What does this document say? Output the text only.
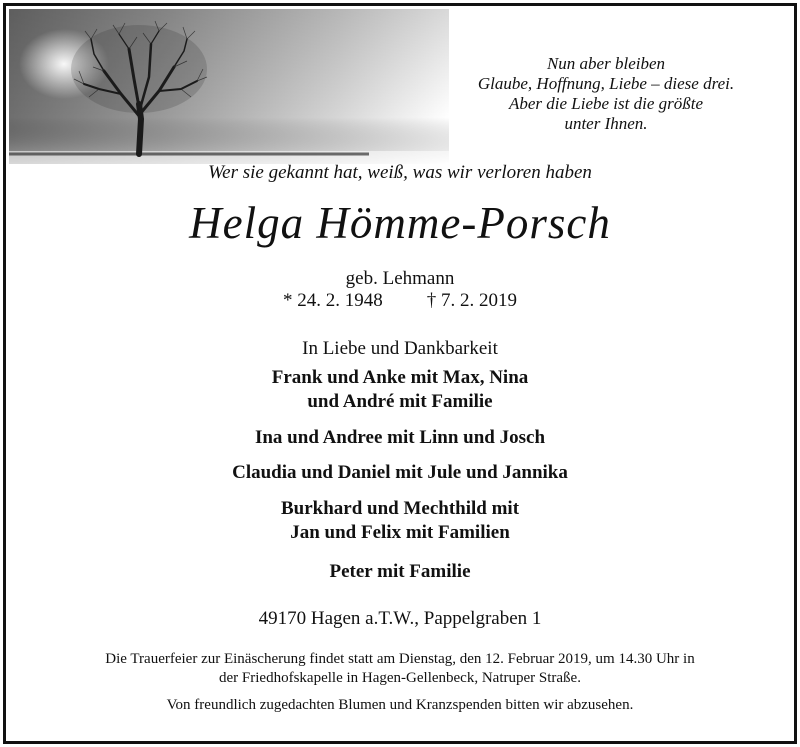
Nun aber bleiben
Glaube, Hoffnung, Liebe – diese drei.
Aber die Liebe ist die größte
unter Ihnen.
Wer sie gekannt hat, weiß, was wir verloren haben
Helga Hömme-Porsch
geb. Lehmann
* 24. 2. 1948 † 7. 2. 2019
In Liebe und Dankbarkeit
Frank und Anke mit Max, Nina
und André mit Familie
Ina und Andree mit Linn und Josch
Claudia und Daniel mit Jule und Jannika
Burkhard und Mechthild mit
Jan und Felix mit Familien
Peter mit Familie
49170 Hagen a.T.W., Pappelgraben 1
Die Trauerfeier zur Einäscherung findet statt am Dienstag, den 12. Februar 2019, um 14.30 Uhr in
der Friedhofskapelle in Hagen-Gellenbeck, Natruper Straße.
Von freundlich zugedachten Blumen und Kranzspenden bitten wir abzusehen.
